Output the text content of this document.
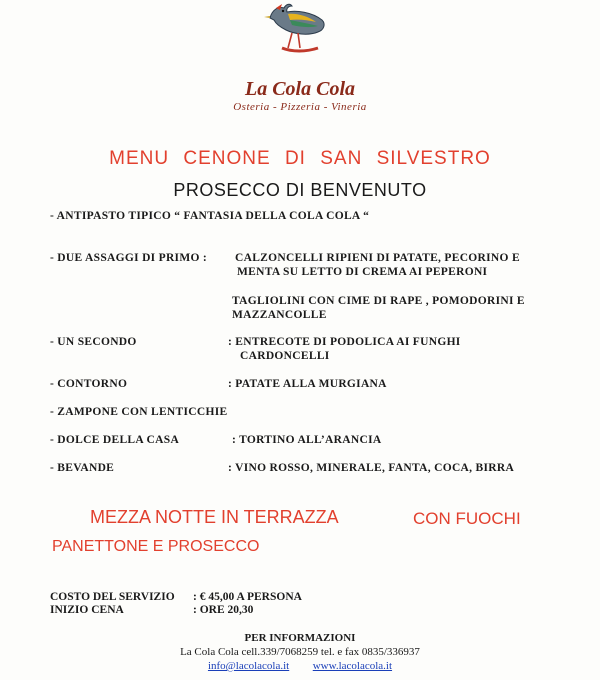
La Cola Cola
Osteria - Pizzeria - Vineria
MENU CENONE DI SAN SILVESTRO
PROSECCO DI BENVENUTO
- ANTIPASTO TIPICO “ FANTASIA DELLA COLA COLA “
- DUE ASSAGGI DI PRIMO : CALZONCELLI RIPIENI DI PATATE, PECORINO E
MENTA SU LETTO DI CREMA AI PEPERONI
TAGLIOLINI CON CIME DI RAPE , POMODORINI E
MAZZANCOLLE
- UN SECONDO	: ENTRECOTE DI PODOLICA AI FUNGHI
CARDONCELLI
- CONTORNO	: PATATE ALLA MURGIANA
- ZAMPONE CON LENTICCHIE
- DOLCE DELLA CASA	: TORTINO ALL’ARANCIA
- BEVANDE	: VINO ROSSO, MINERALE, FANTA, COCA, BIRRA
MEZZA NOTTE IN TERRAZZA	CON FUOCHI
PANETTONE E PROSECCO
COSTO DEL SERVIZIO : € 45,00 A PERSONA
INIZIO CENA	: ORE 20,30
PER INFORMAZIONI
La Cola Cola cell.339/7068259 tel. e fax 0835/336937
info@lacolacola.it www.lacolacola.it
